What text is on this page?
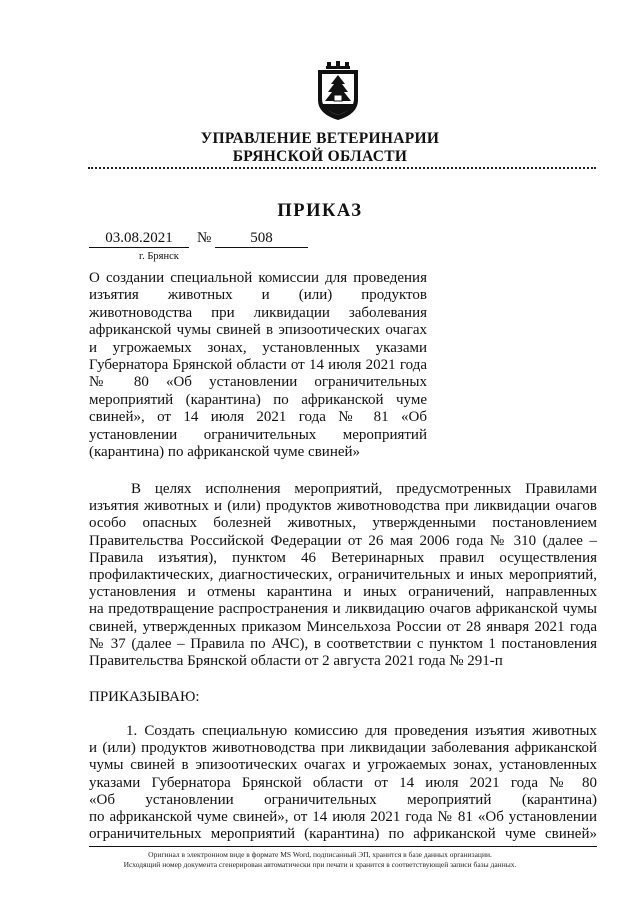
УПРАВЛЕНИЕ ВЕТЕРИНАРИИ
БРЯНСКОЙ ОБЛАСТИ
ПРИКАЗ
03.08.2021	№	508
г. Брянск
О создании специальной комиссии для проведения
изъятия животных и (или) продуктов
животноводства при ликвидации заболевания
африканской чумы свиней в эпизоотических очагах
и угрожаемых зонах, установленных указами
Губернатора Брянской области от 14 июля 2021 года
№ 80 «Об установлении ограничительных
мероприятий (карантина) по африканской чуме
свиней», от 14 июля 2021 года № 81 «Об
установлении ограничительных мероприятий
(карантина) по африканской чуме свиней»
В целях исполнения мероприятий, предусмотренных Правилами
изъятия животных и (или) продуктов животноводства при ликвидации очагов
особо опасных болезней животных, утвержденными постановлением
Правительства Российской Федерации от 26 мая 2006 года № 310 (далее –
Правила изъятия), пунктом 46 Ветеринарных правил осуществления
профилактических, диагностических, ограничительных и иных мероприятий,
установления и отмены карантина и иных ограничений, направленных
на предотвращение распространения и ликвидацию очагов африканской чумы
свиней, утвержденных приказом Минсельхоза России от 28 января 2021 года
№ 37 (далее – Правила по АЧС), в соответствии с пунктом 1 постановления
Правительства Брянской области от 2 августа 2021 года № 291-п
ПРИКАЗЫВАЮ:
1. Создать специальную комиссию для проведения изъятия животных
и (или) продуктов животноводства при ликвидации заболевания африканской
чумы свиней в эпизоотических очагах и угрожаемых зонах, установленных
указами Губернатора Брянской области от 14 июля 2021 года № 80
«Об установлении ограничительных мероприятий (карантина)
по африканской чуме свиней», от 14 июля 2021 года № 81 «Об установлении
ограничительных мероприятий (карантина) по африканской чуме свиней»
Оригинал в электронном виде в формате MS Word, подписанный ЭП, хранится в базе данных организации.
Исходящий номер документа сгенерирован автоматически при печати и хранится в соответствующей записи базы данных.
